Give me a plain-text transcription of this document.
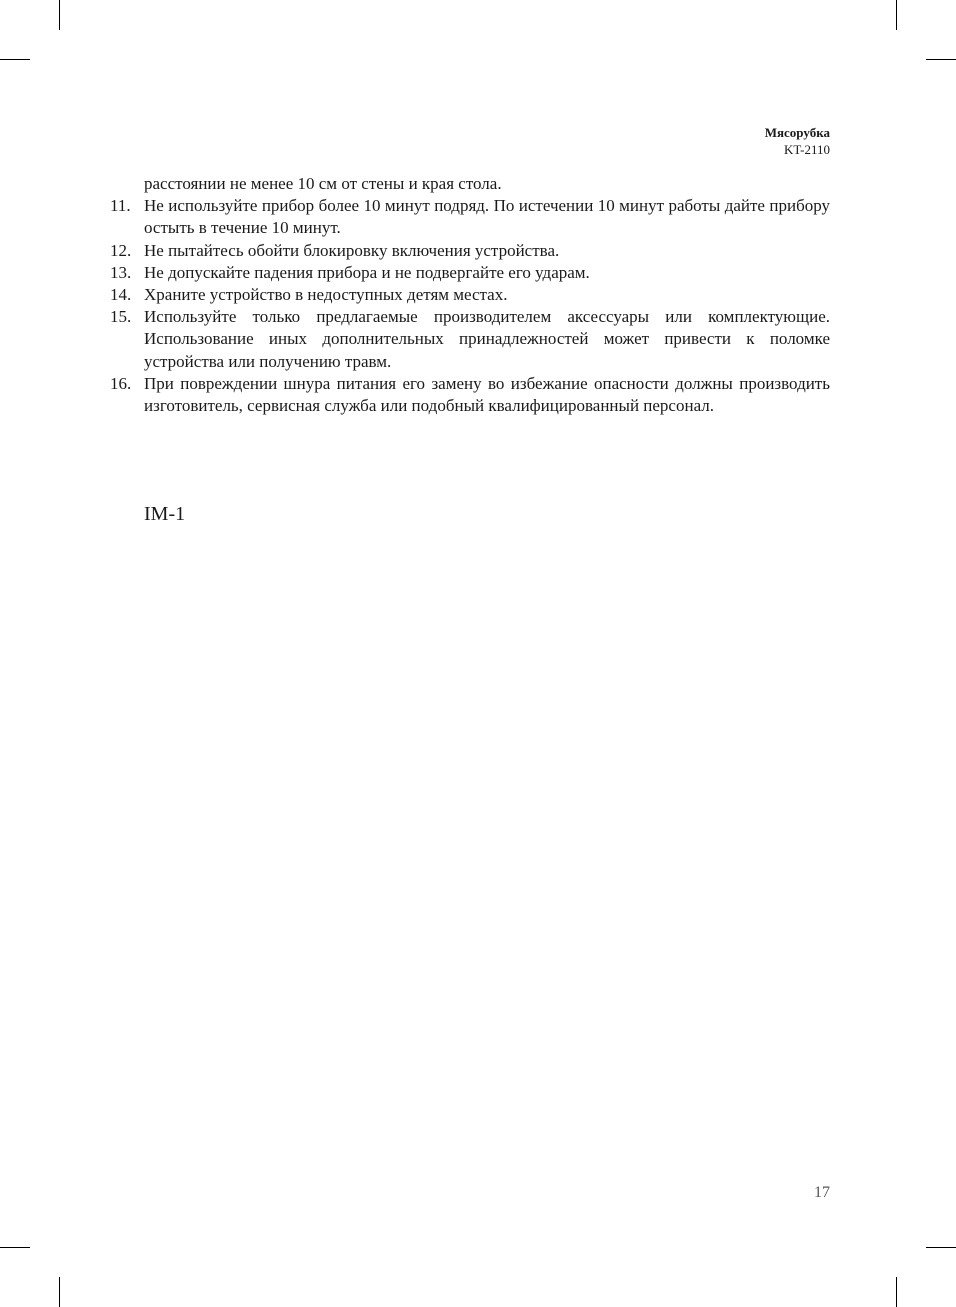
Мясорубка
KT-2110

расстоянии не менее 10 см от стены и края стола.

11. Не используйте прибор более 10 минут подряд. По истечении 10 минут работы дайте прибору остыть в течение 10 минут.
12. Не пытайтесь обойти блокировку включения устройства.
13. Не допускайте падения прибора и не подвергайте его ударам.
14. Храните устройство в недоступных детям местах.
15. Используйте только предлагаемые производителем аксессуары или комплектующие. Использование иных дополнительных принадлежностей может привести к поломке устройства или получению травм.
16. При повреждении шнура питания его замену во избежание опасности должны производить изготовитель, сервисная служба или подобный квалифицированный персонал.
IM-1
17
